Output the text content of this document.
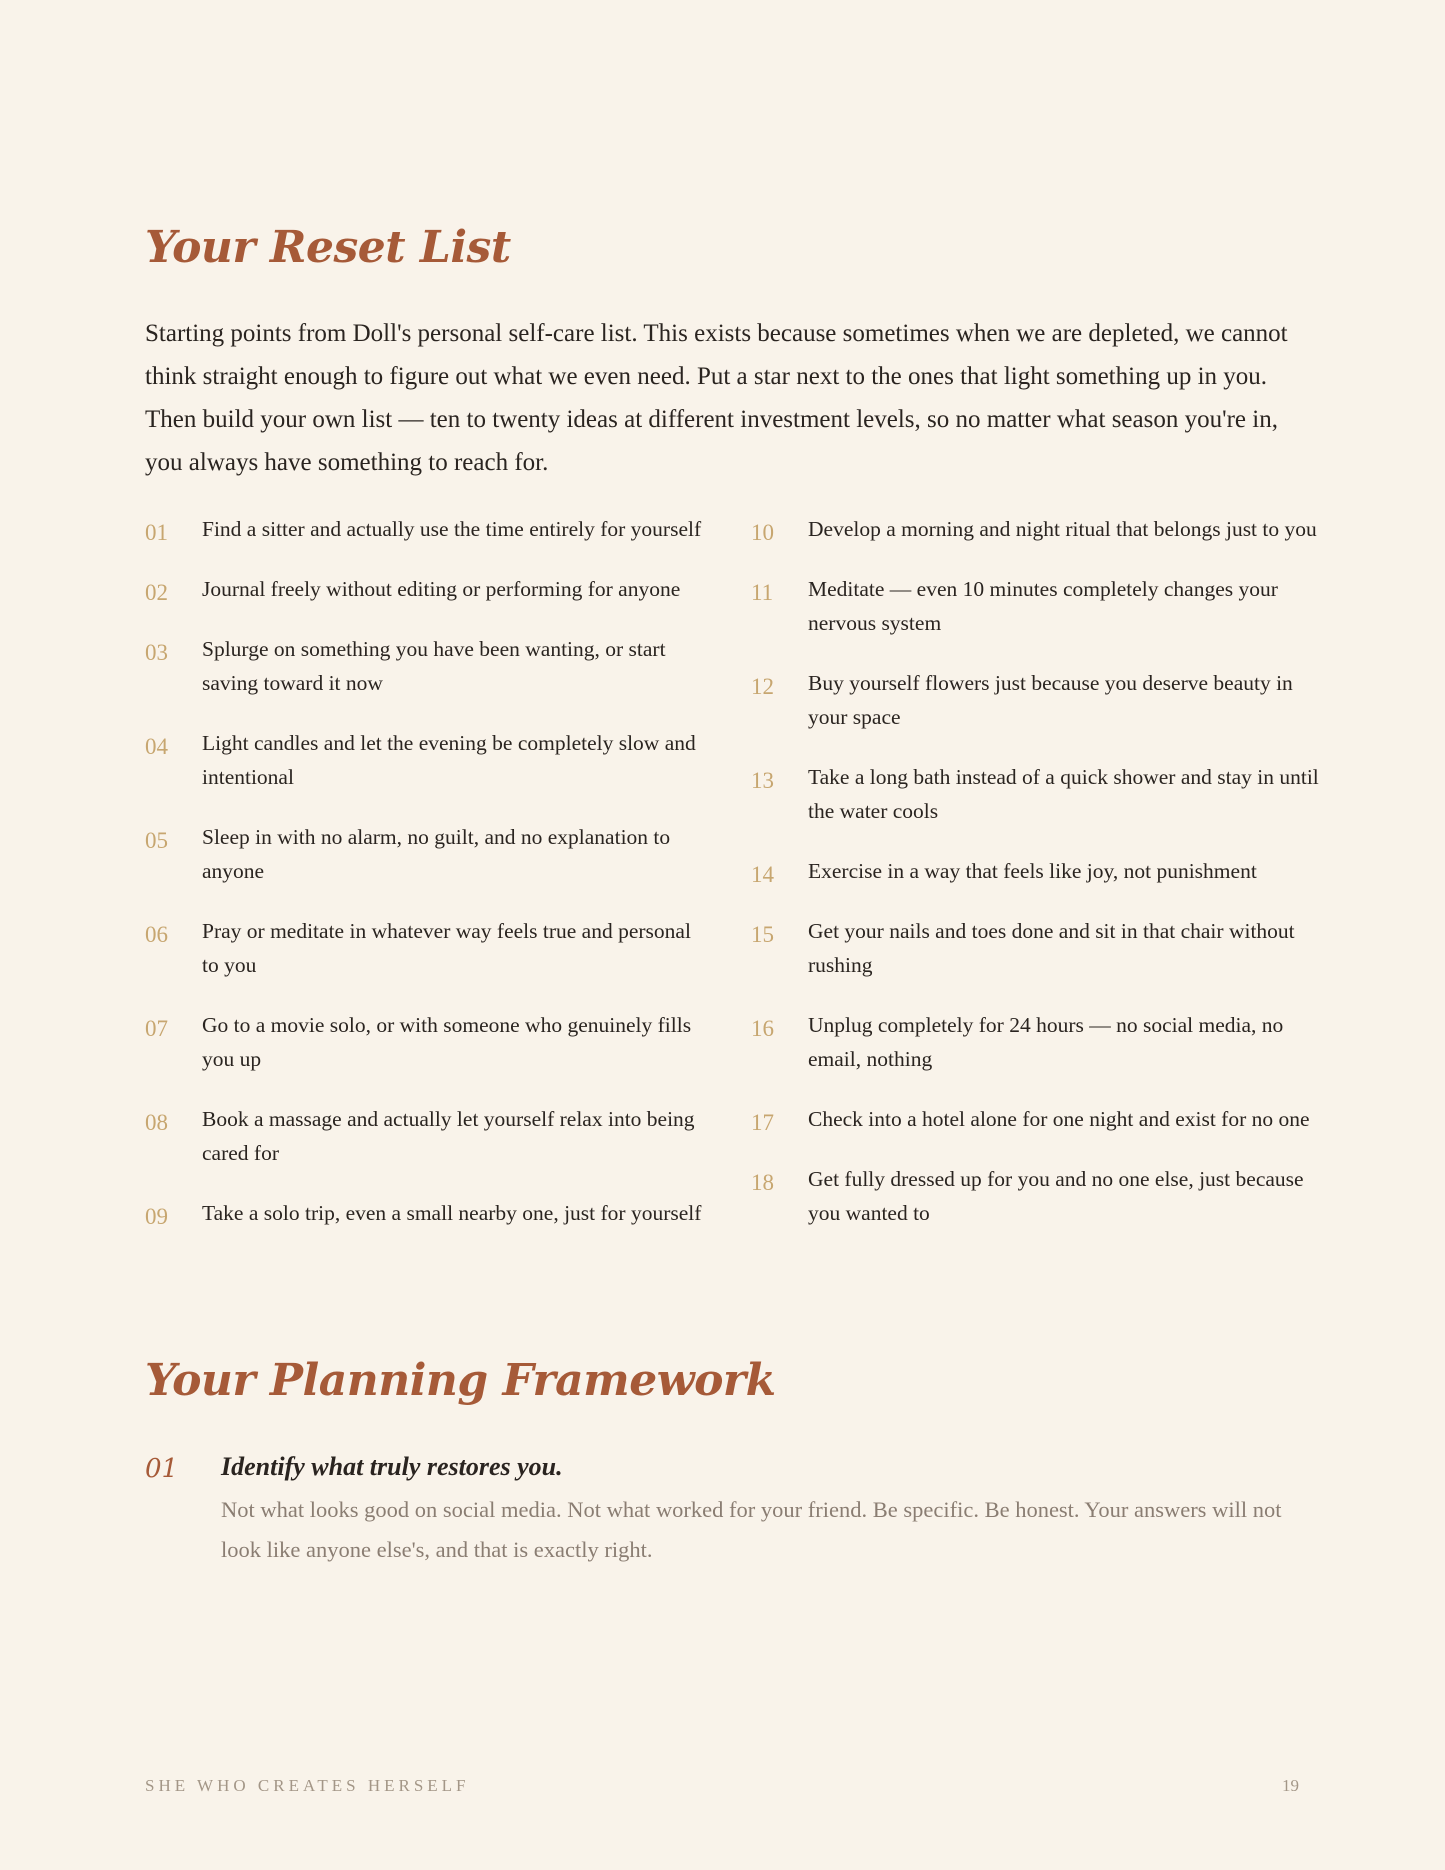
Your Reset List

Starting points from Doll's personal self-care list. This exists because sometimes when we are depleted, we cannot think straight enough to figure out what we even need. Put a star next to the ones that light something up in you. Then build your own list — ten to twenty ideas at different investment levels, so no matter what season you're in, you always have something to reach for.

01	Find a sitter and actually use the time entirely for yourself
02	Journal freely without editing or performing for anyone
03	Splurge on something you have been wanting, or start saving toward it now
04	Light candles and let the evening be completely slow and intentional
05	Sleep in with no alarm, no guilt, and no explanation to anyone
06	Pray or meditate in whatever way feels true and personal to you
07	Go to a movie solo, or with someone who genuinely fills you up
08	Book a massage and actually let yourself relax into being cared for
09	Take a solo trip, even a small nearby one, just for yourself
10	Develop a morning and night ritual that belongs just to you
11	Meditate — even 10 minutes completely changes your nervous system
12	Buy yourself flowers just because you deserve beauty in your space
13	Take a long bath instead of a quick shower and stay in until the water cools
14	Exercise in a way that feels like joy, not punishment
15	Get your nails and toes done and sit in that chair without rushing
16	Unplug completely for 24 hours — no social media, no email, nothing
17	Check into a hotel alone for one night and exist for no one
18	Get fully dressed up for you and no one else, just because you wanted to
Your Planning Framework
01	Identify what truly restores you.
Not what looks good on social media. Not what worked for your friend. Be specific. Be honest. Your answers will not look like anyone else's, and that is exactly right.
SHE WHO CREATES HERSELF	19
